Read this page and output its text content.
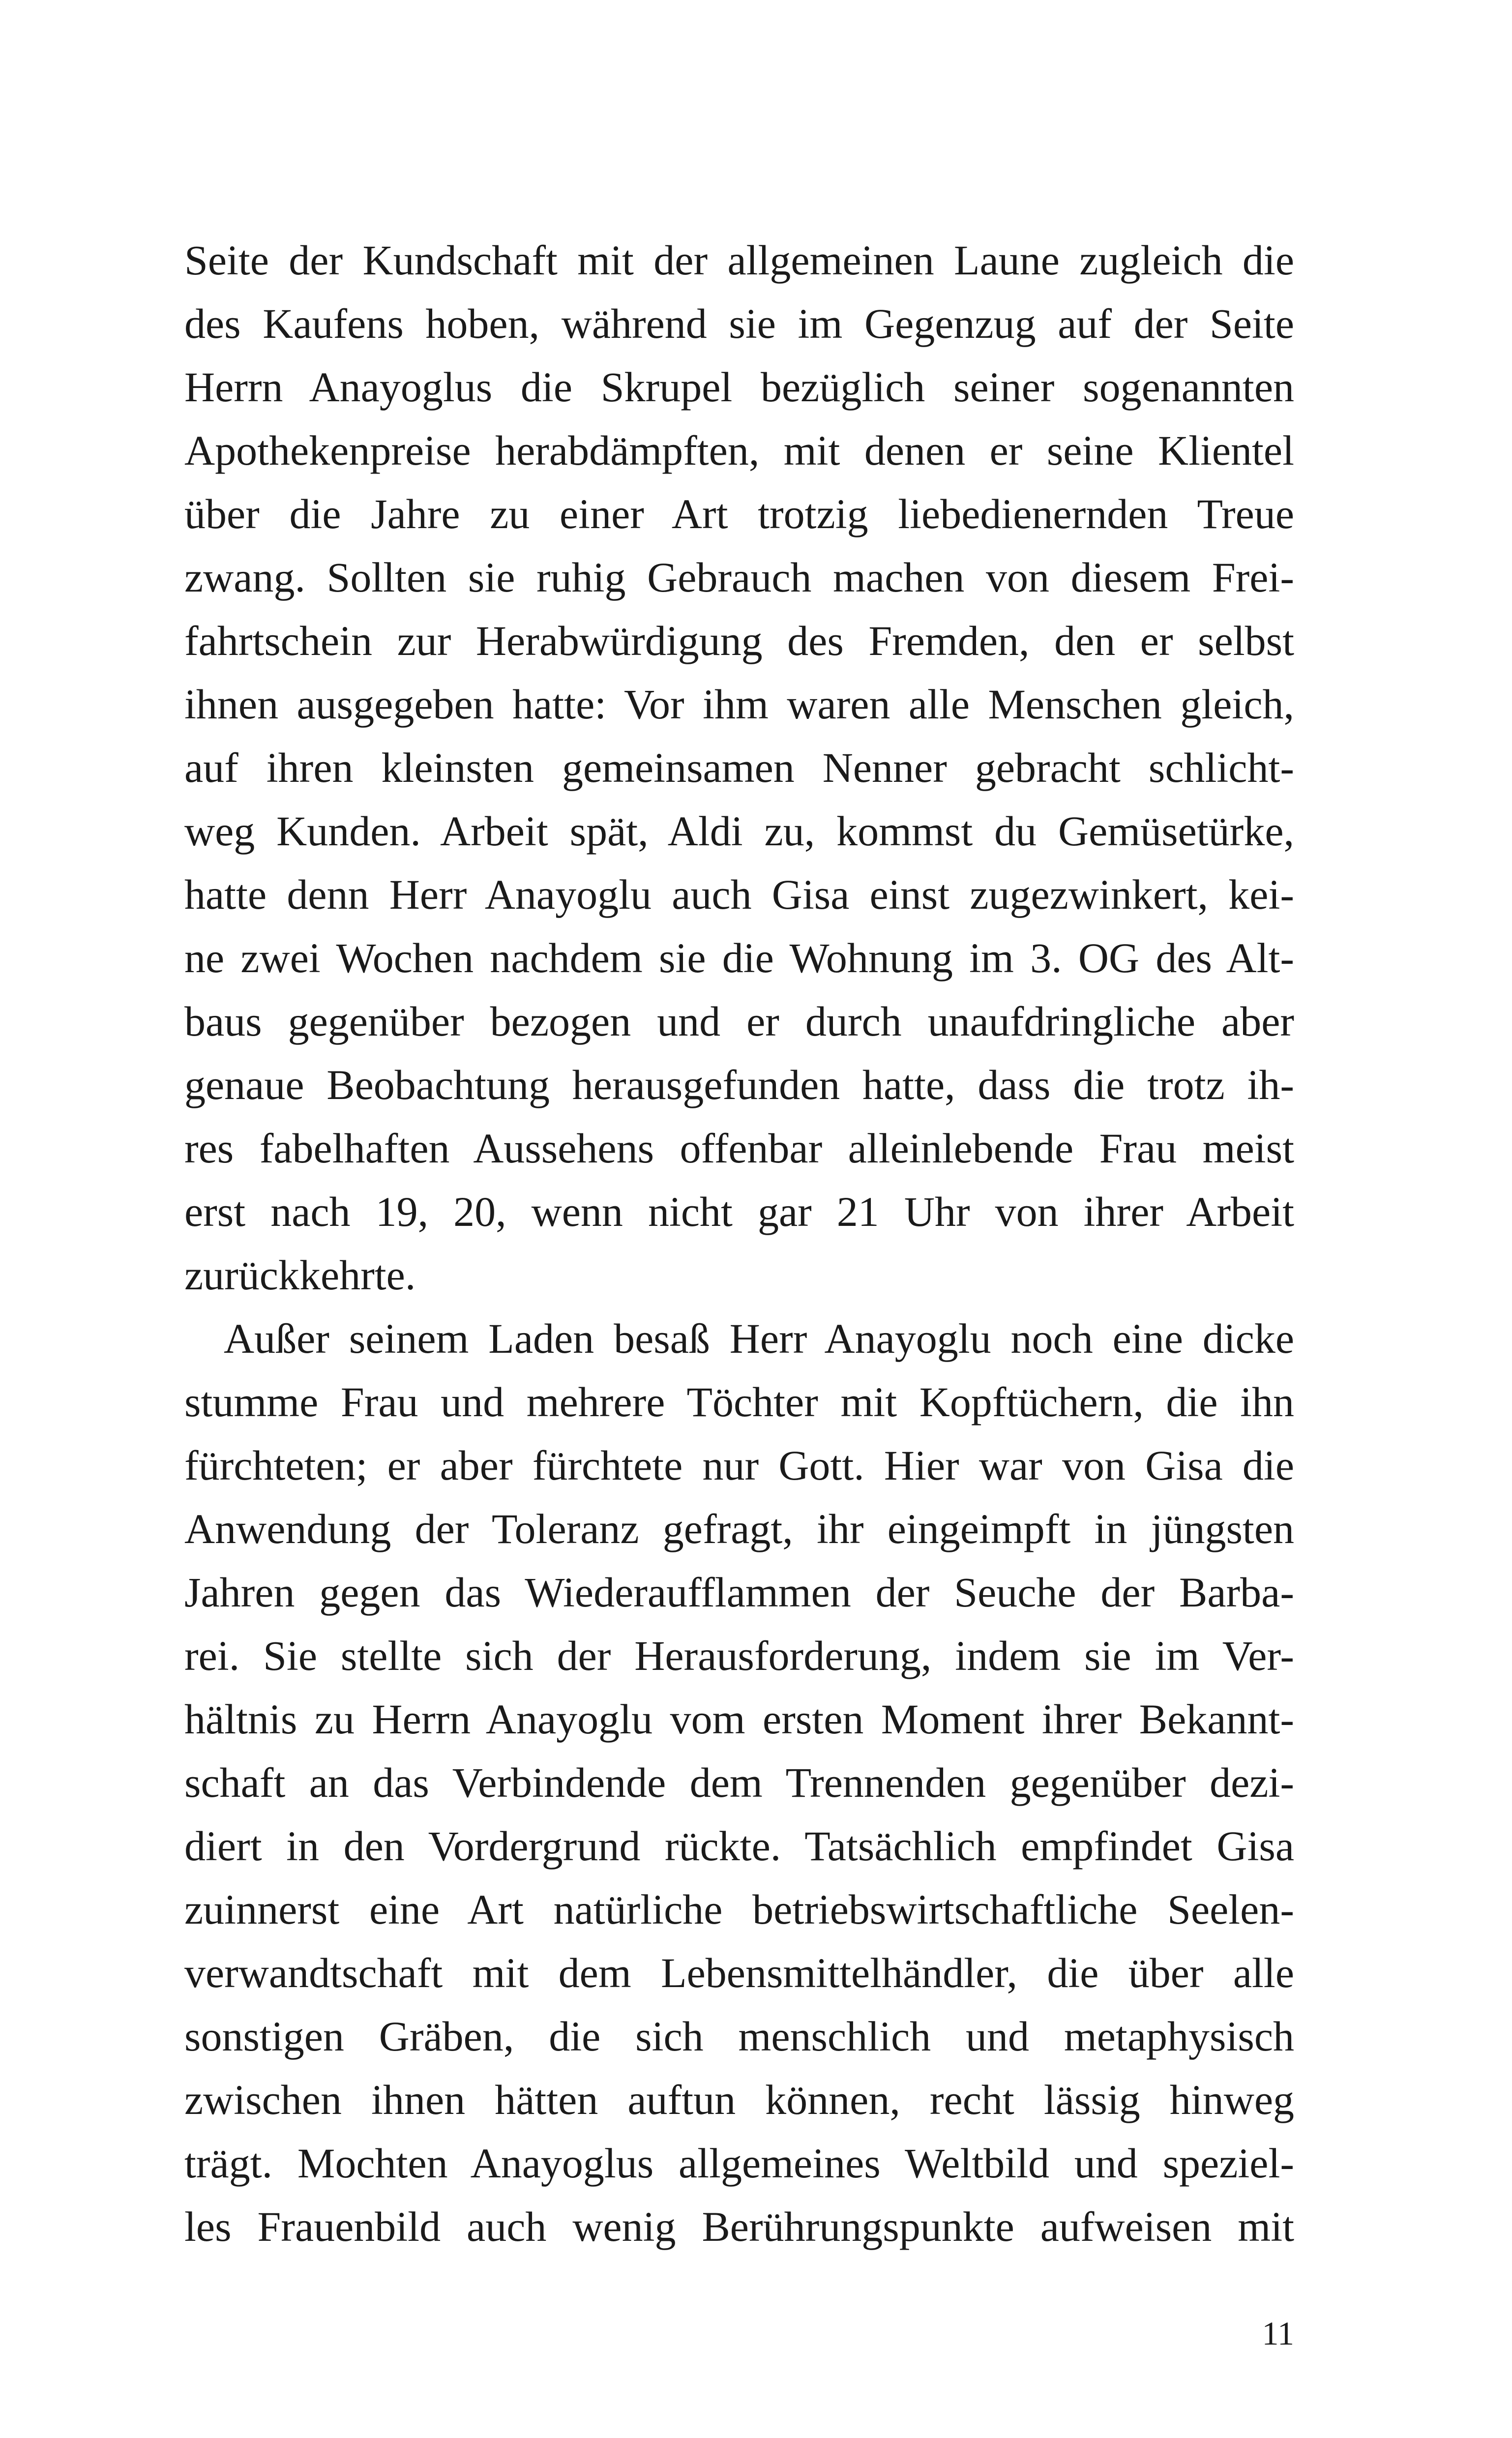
Seite der Kundschaft mit der allgemeinen Laune zugleich die
des Kaufens hoben, während sie im Gegenzug auf der Seite
Herrn Anayoglus die Skrupel bezüglich seiner sogenannten
Apothekenpreise herabdämpften, mit denen er seine Klientel
über die Jahre zu einer Art trotzig liebedienernden Treue
zwang. Sollten sie ruhig Gebrauch machen von diesem Frei-
fahrtschein zur Herabwürdigung des Fremden, den er selbst
ihnen ausgegeben hatte: Vor ihm waren alle Menschen gleich,
auf ihren kleinsten gemeinsamen Nenner gebracht schlicht-
weg Kunden. Arbeit spät, Aldi zu, kommst du Gemüsetürke,
hatte denn Herr Anayoglu auch Gisa einst zugezwinkert, kei-
ne zwei Wochen nachdem sie die Wohnung im 3. OG des Alt-
baus gegenüber bezogen und er durch unaufdringliche aber
genaue Beobachtung herausgefunden hatte, dass die trotz ih-
res fabelhaften Aussehens offenbar alleinlebende Frau meist
erst nach 19, 20, wenn nicht gar 21 Uhr von ihrer Arbeit
zurückkehrte.
Außer seinem Laden besaß Herr Anayoglu noch eine dicke
stumme Frau und mehrere Töchter mit Kopftüchern, die ihn
fürchteten; er aber fürchtete nur Gott. Hier war von Gisa die
Anwendung der Toleranz gefragt, ihr eingeimpft in jüngsten
Jahren gegen das Wiederaufflammen der Seuche der Barba-
rei. Sie stellte sich der Herausforderung, indem sie im Ver-
hältnis zu Herrn Anayoglu vom ersten Moment ihrer Bekannt-
schaft an das Verbindende dem Trennenden gegenüber dezi-
diert in den Vordergrund rückte. Tatsächlich empfindet Gisa
zuinnerst eine Art natürliche betriebswirtschaftliche Seelen-
verwandtschaft mit dem Lebensmittelhändler, die über alle
sonstigen Gräben, die sich menschlich und metaphysisch
zwischen ihnen hätten auftun können, recht lässig hinweg
trägt. Mochten Anayoglus allgemeines Weltbild und speziel-
les Frauenbild auch wenig Berührungspunkte aufweisen mit
11
